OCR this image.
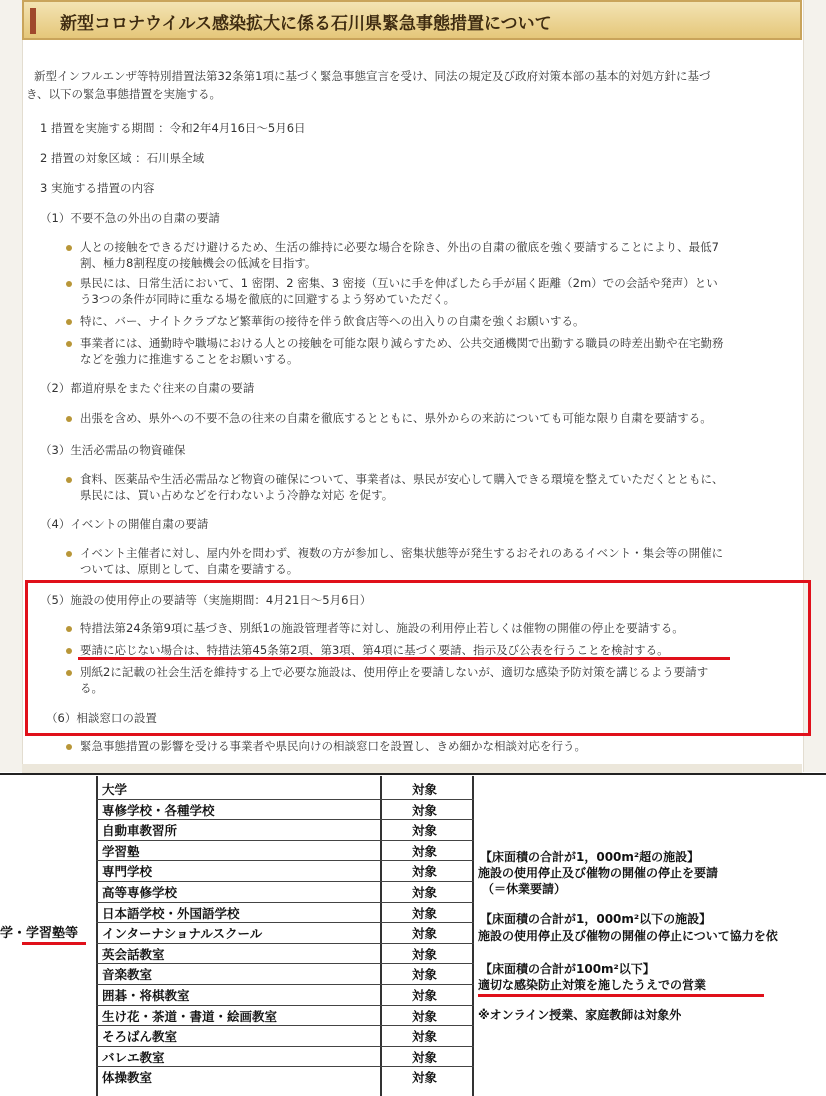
新型コロナウイルス感染拡大に係る石川県緊急事態措置について
新型インフルエンザ等特別措置法第32条第1項に基づく緊急事態宣言を受け、同法の規定及び政府対策本部の基本的対処方針に基づ
き、以下の緊急事態措置を実施する。
1 措置を実施する期間 ：令和2年4月16日〜5月6日
2 措置の対象区域 ：石川県全域
3 実施する措置の内容
（1）不要不急の外出の自粛の要請
人との接触をできるだけ避けるため、生活の維持に必要な場合を除き、外出の自粛の徹底を強く要請することにより、最低7
割、極力8割程度の接触機会の低減を目指す。
県民には、日常生活において、1 密閉、2 密集、3 密接（互いに手を伸ばしたら手が届く距離（2m）での会話や発声）とい
う3つの条件が同時に重なる場を徹底的に回避するよう努めていただく。
特に、バー、ナイトクラブなど繁華街の接待を伴う飲食店等への出入りの自粛を強くお願いする。
事業者には、通勤時や職場における人との接触を可能な限り減らすため、公共交通機関で出勤する職員の時差出勤や在宅勤務
などを強力に推進することをお願いする。
（2）都道府県をまたぐ往来の自粛の要請
出張を含め、県外への不要不急の往来の自粛を徹底するとともに、県外からの来訪についても可能な限り自粛を要請する。
（3）生活必需品の物資確保
食料、医薬品や生活必需品など物資の確保について、事業者は、県民が安心して購入できる環境を整えていただくとともに、
県民には、買い占めなどを行わないよう冷静な対応 を促す。
（4）イベントの開催自粛の要請
イベント主催者に対し、屋内外を問わず、複数の方が参加し、密集状態等が発生するおそれのあるイベント・集会等の開催に
ついては、原則として、自粛を要請する。
（5）施設の使用停止の要請等（実施期間：4月21日〜5月6日）
特措法第24条第9項に基づき、別紙1の施設管理者等に対し、施設の利用停止若しくは催物の開催の停止を要請する。
要請に応じない場合は、特措法第45条第2項、第3項、第4項に基づく要請、指示及び公表を行うことを検討する。
別紙2に記載の社会生活を維持する上で必要な施設は、使用停止を要請しないが、適切な感染予防対策を講じるよう要請す
る。
（6）相談窓口の設置
緊急事態措置の影響を受ける事業者や県民向けの相談窓口を設置し、きめ細かな相談対応を行う。
大学	対象
専修学校・各種学校	対象
自動車教習所	対象
学習塾	対象
専門学校	対象
高等専修学校	対象
日本語学校・外国語学校	対象
インターナショナルスクール	対象
英会話教室	対象
音楽教室	対象
囲碁・将棋教室	対象
生け花・茶道・書道・絵画教室	対象
そろばん教室	対象
バレエ教室	対象
体操教室	対象
学・学習塾等
【床面積の合計が1，000m²超の施設】
施設の使用停止及び催物の開催の停止を要請
（＝休業要請）
【床面積の合計が1，000m²以下の施設】
施設の使用停止及び催物の開催の停止について協力を依
【床面積の合計が100m²以下】
適切な感染防止対策を施したうえでの営業
※オンライン授業、家庭教師は対象外
